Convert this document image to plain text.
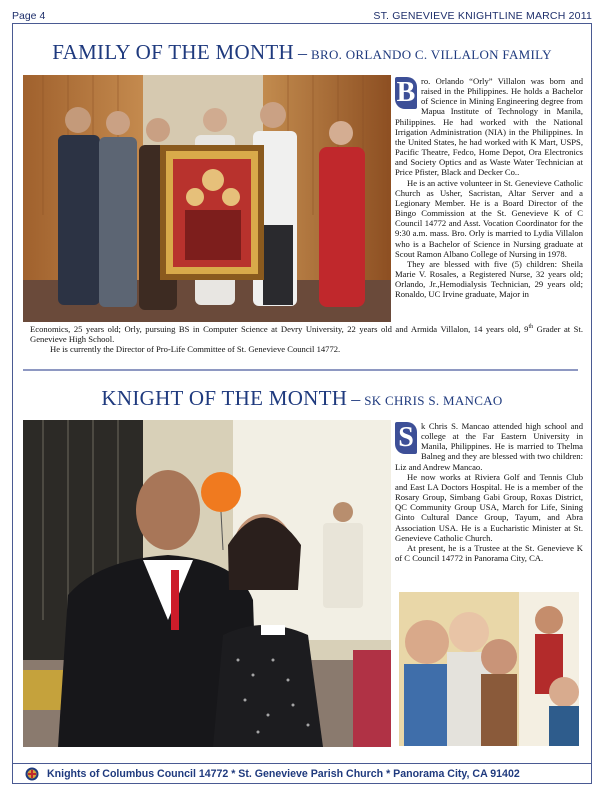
Page 4	ST. GENEVIEVE KNIGHTLINE MARCH 2011
FAMILY OF THE MONTH – BRO. ORLANDO C. VILLALON FAMILY
B ro. Orlando “Orly” Villalon was born and raised in the Philippines. He holds a Bachelor of Science in Mining Engineering degree from Mapua Institute of Technology in Manila, Philippines. He had worked with the National Irrigation Administration (NIA) in the Philippines. In the United States, he had worked with K Mart, USPS, Pacific Theatre, Fedco, Home Depot, Ora Electronics and Society Optics and as Waste Water Technician at Price Pfister, Black and Decker Co..

He is an active volunteer in St. Genevieve Catholic Church as Usher, Sacristan, Altar Server and a Legionary Member. He is a Board Director of the Bingo Commission at the St. Genevieve K of C Council 14772 and Asst. Vocation Coordinator for the 9:30 a.m. mass. Bro. Orly is married to Lydia Villalon who is a Bachelor of Science in Nursing graduate at Scout Ramon Albano College of Nursing in 1978.

They are blessed with five (5) children: Sheila Marie V. Rosales, a Registered Nurse, 32 years old; Orlando, Jr.,Hemodialysis Technician, 29 years old; Ronaldo, UC Irvine graduate, Major in

Economics, 25 years old; Orly, pursuing BS in Computer Science at Devry University, 22 years old and Armida Villalon, 14 years old, 9th Grader at St. Genevieve High School.

He is currently the Director of Pro-Life Committee of St. Genevieve Council 14772.

KNIGHT OF THE MONTH – SK CHRIS S. MANCAO
S k Chris S. Mancao attended high school and college at the Far Eastern University in Manila, Philippines. He is married to Thelma Balneg and they are blessed with two children: Liz and Andrew Mancao.

He now works at Riviera Golf and Tennis Club and East LA Doctors Hospital. He is a member of the Rosary Group, Simbang Gabi Group, Roxas District, QC Community Group USA, March for Life, Sining Ginto Cultural Dance Group, Tayum, and Abra Association USA. He is a Eucharistic Minister at St. Genevieve Catholic Church.

At present, he is a Trustee at the St. Genevieve K of C Council 14772 in Panorama City, CA.

Knights of Columbus Council 14772 * St. Genevieve Parish Church * Panorama City, CA 91402
